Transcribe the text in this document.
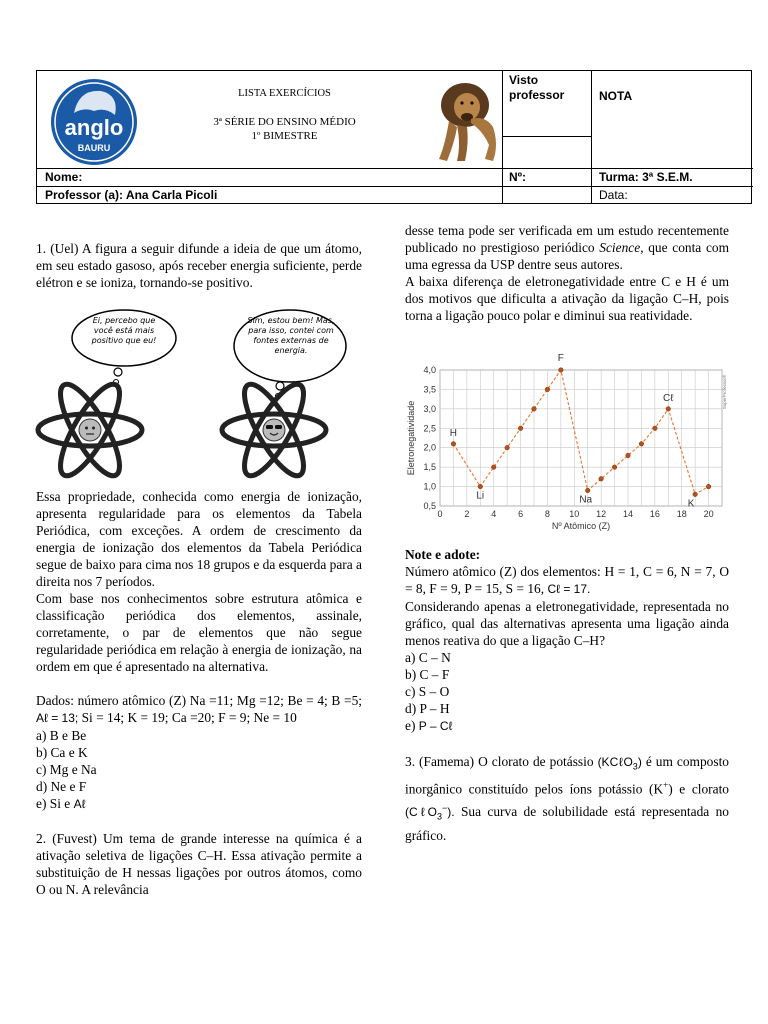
anglo
BAURU
LISTA EXERCÍCIOS
3ª SÉRIE DO ENSINO MÉDIO
1º BIMESTRE
Visto professor	NOTA
Nome:	Nº:	Turma: 3ª S.E.M.
Professor (a): Ana Carla Picoli	Data:

1. (Uel) A figura a seguir difunde a ideia de que um átomo, em seu estado gasoso, após receber energia suficiente, perde elétron e se ioniza, tornando-se positivo.

Ei, percebo que você está mais positivo que eu!
Sim, estou bem! Mas, para isso, contei com fontes externas de energia.

Essa propriedade, conhecida como energia de ionização, apresenta regularidade para os elementos da Tabela Periódica, com exceções. A ordem de crescimento da energia de ionização dos elementos da Tabela Periódica segue de baixo para cima nos 18 grupos e da esquerda para a direita nos 7 períodos.

Com base nos conhecimentos sobre estrutura atômica e classificação periódica dos elementos, assinale, corretamente, o par de elementos que não segue regularidade periódica em relação à energia de ionização, na ordem em que é apresentado na alternativa.

Dados: número atômico (Z) Na =11; Mg =12; Be = 4; B =5; Aℓ = 13; Si = 14; K = 19; Ca =20; F = 9; Ne = 10

a) B e Be
b) Ca e K
c) Mg e Na
d) Ne e F
e) Si e Aℓ

2. (Fuvest) Um tema de grande interesse na química é a ativação seletiva de ligações C–H. Essa ativação permite a substituição de H nessas ligações por outros átomos, como O ou N. A relevância

desse tema pode ser verificada em um estudo recentemente publicado no prestigioso periódico Science, que conta com uma egressa da USP dentre seus autores.

A baixa diferença de eletronegatividade entre C e H é um dos motivos que dificulta a ativação da ligação C–H, pois torna a ligação pouco polar e diminui sua reatividade.

0,5
1,0
1,5
2,0
2,5
3,0
3,5
4,0
0 2 4 6 8 10 12 14 16 18 20
Nº Atômico (Z)
Eletronegatividade
SuperProfessor®
H
Li
F
Na
Cℓ
K

Note e adote:

Número atômico (Z) dos elementos: H = 1, C = 6, N = 7, O = 8, F = 9, P = 15, S = 16, Cℓ = 17.

Considerando apenas a eletronegatividade, representada no gráfico, qual das alternativas apresenta uma ligação ainda menos reativa do que a ligação C–H?

a) C – N
b) C – F
c) S – O
d) P – H
e) P – Cℓ

3. (Famema) O clorato de potássio (KCℓO$_3$) é um composto inorgânico constituído pelos íons potássio (K+) e clorato (CℓO$_3$−). Sua curva de solubilidade está representada no gráfico.
